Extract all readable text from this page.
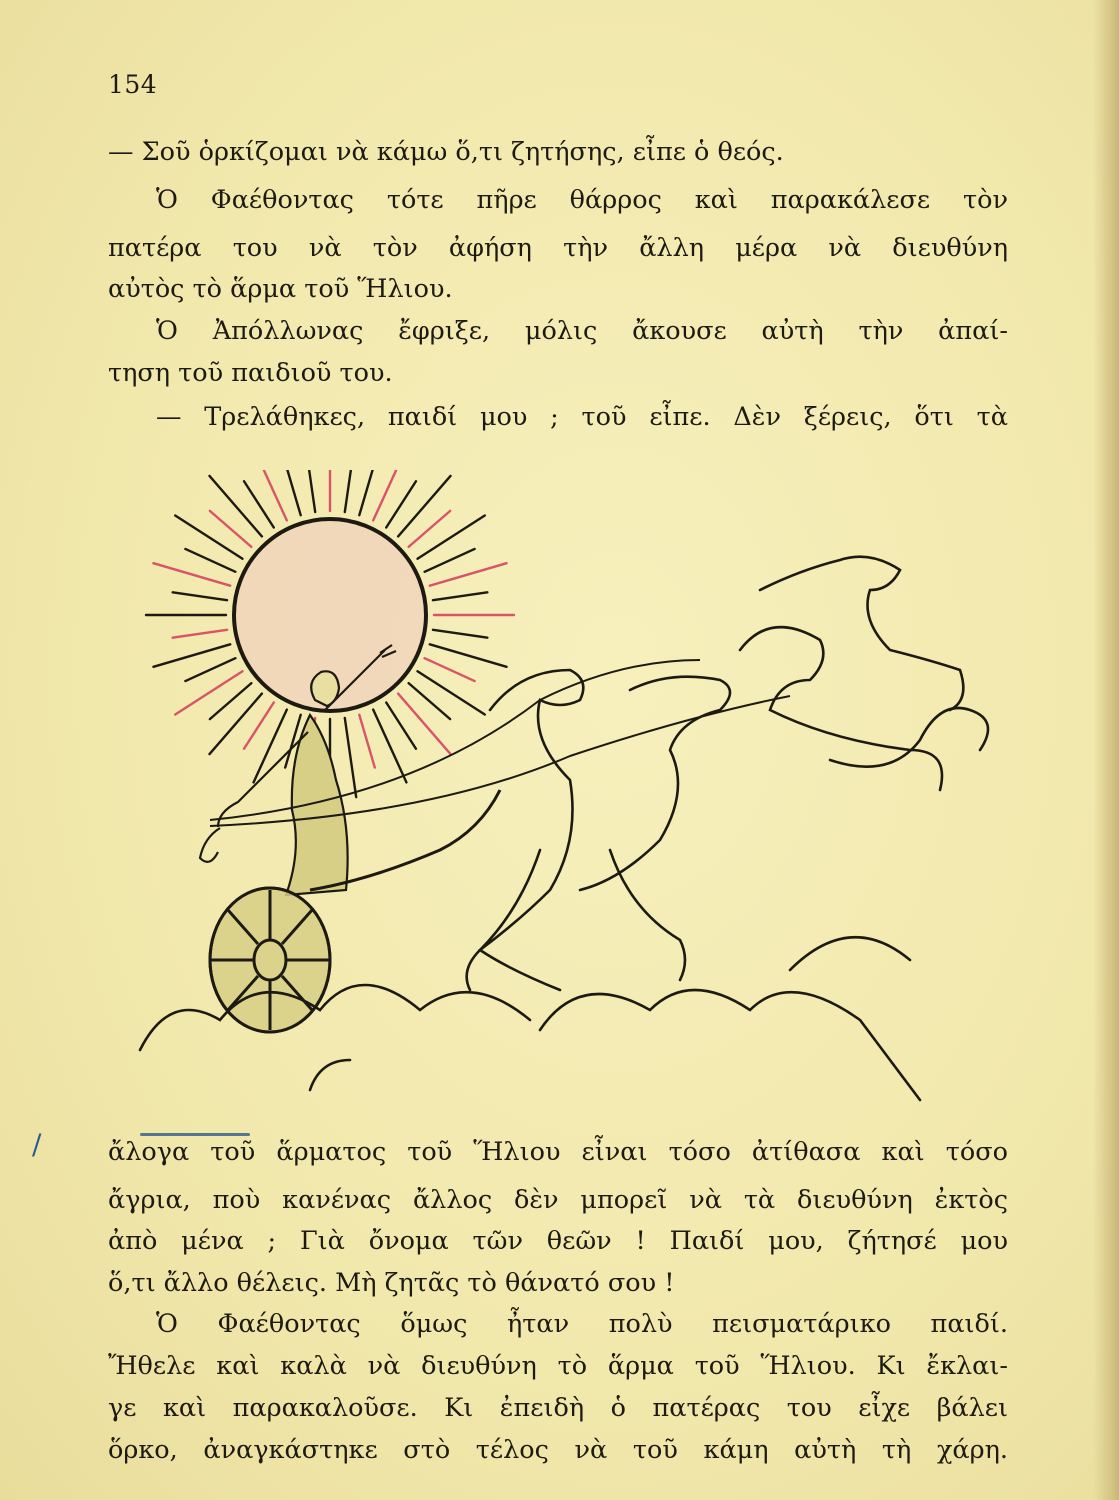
154
— Σοῦ ὁρκίζομαι νὰ κάμω ὅ,τι ζητήσης, εἶπε ὁ θεός.
Ὁ Φαέθοντας τότε πῆρε θάρρος καὶ παρακάλεσε τὸν
πατέρα του νὰ τὸν ἀφήση τὴν ἄλλη μέρα νὰ διευθύνη
αὐτὸς τὸ ἅρμα τοῦ Ἥλιου.
Ὁ Ἀπόλλωνας ἔφριξε, μόλις ἄκουσε αὐτὴ τὴν ἀπαί-
τηση τοῦ παιδιοῦ του.
— Τρελάθηκες, παιδί μου ; τοῦ εἶπε. Δὲν ξέρεις, ὅτι τὰ
/	ἄλογα τοῦ ἅρματος τοῦ Ἥλιου εἶναι τόσο ἀτίθασα καὶ τόσο
ἄγρια, ποὺ κανένας ἄλλος δὲν μπορεῖ νὰ τὰ διευθύνη ἐκτὸς
ἀπὸ μένα ; Γιὰ ὄνομα τῶν θεῶν ! Παιδί μου, ζήτησέ μου
ὅ,τι ἄλλο θέλεις. Μὴ ζητᾶς τὸ θάνατό σου !
Ὁ Φαέθοντας ὅμως ἦταν πολὺ πεισματάρικο παιδί.
Ἤθελε καὶ καλὰ νὰ διευθύνη τὸ ἅρμα τοῦ Ἥλιου. Κι ἔκλαι-
γε καὶ παρακαλοῦσε. Κι ἐπειδὴ ὁ πατέρας του εἶχε βάλει
ὅρκο, ἀναγκάστηκε στὸ τέλος νὰ τοῦ κάμη αὐτὴ τὴ χάρη.
